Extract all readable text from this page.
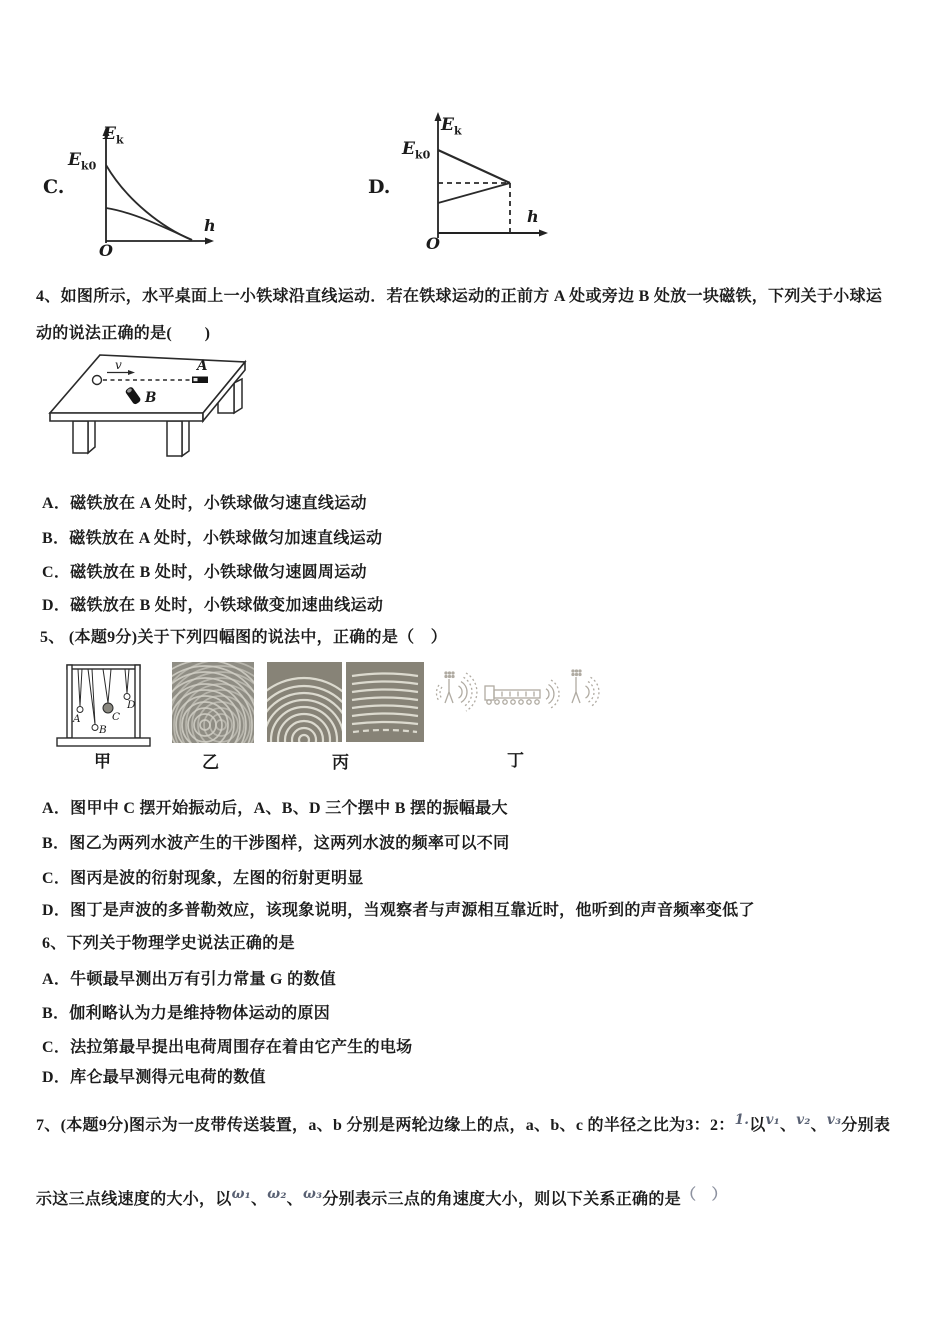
C.
$E_k$
$E_{k0}$
h
O
D.
$E_k$
$E_{k0}$
h
O
4、如图所示，水平桌面上一小铁球沿直线运动．若在铁球运动的正前方 A 处或旁边 B 处放一块磁铁，下列关于小球运
动的说法正确的是(　　)
v	A
B
A．磁铁放在 A 处时，小铁球做匀速直线运动
B．磁铁放在 A 处时，小铁球做匀加速直线运动
C．磁铁放在 B 处时，小铁球做匀速圆周运动
D．磁铁放在 B 处时，小铁球做变加速曲线运动
5、 (本题9分)关于下列四幅图的说法中，正确的是（　）
A
B
C
D
甲	乙	丙	丁
A．图甲中 C 摆开始振动后，A、B、D 三个摆中 B 摆的振幅最大
B．图乙为两列水波产生的干涉图样，这两列水波的频率可以不同
C．图丙是波的衍射现象，左图的衍射更明显
D．图丁是声波的多普勒效应，该现象说明，当观察者与声源相互靠近时，他听到的声音频率变低了
6、下列关于物理学史说法正确的是
A．牛顿最早测出万有引力常量 G 的数值
B．伽利略认为力是维持物体运动的原因
C．法拉第最早提出电荷周围存在着由它产生的电场
D．库仑最早测得元电荷的数值
7、(本题9分)图示为一皮带传送装置，a、b 分别是两轮边缘上的点，a、b、c 的半径之比为3：2：$^{1.}$以$^{v_1}$、$^{v_2}$、$^{v_3}$分别表
示这三点线速度的大小，以$^{\omega_1}$、$^{\omega_2}$、$^{\omega_3}$分别表示三点的角速度大小，则以下关系正确的是（　）
